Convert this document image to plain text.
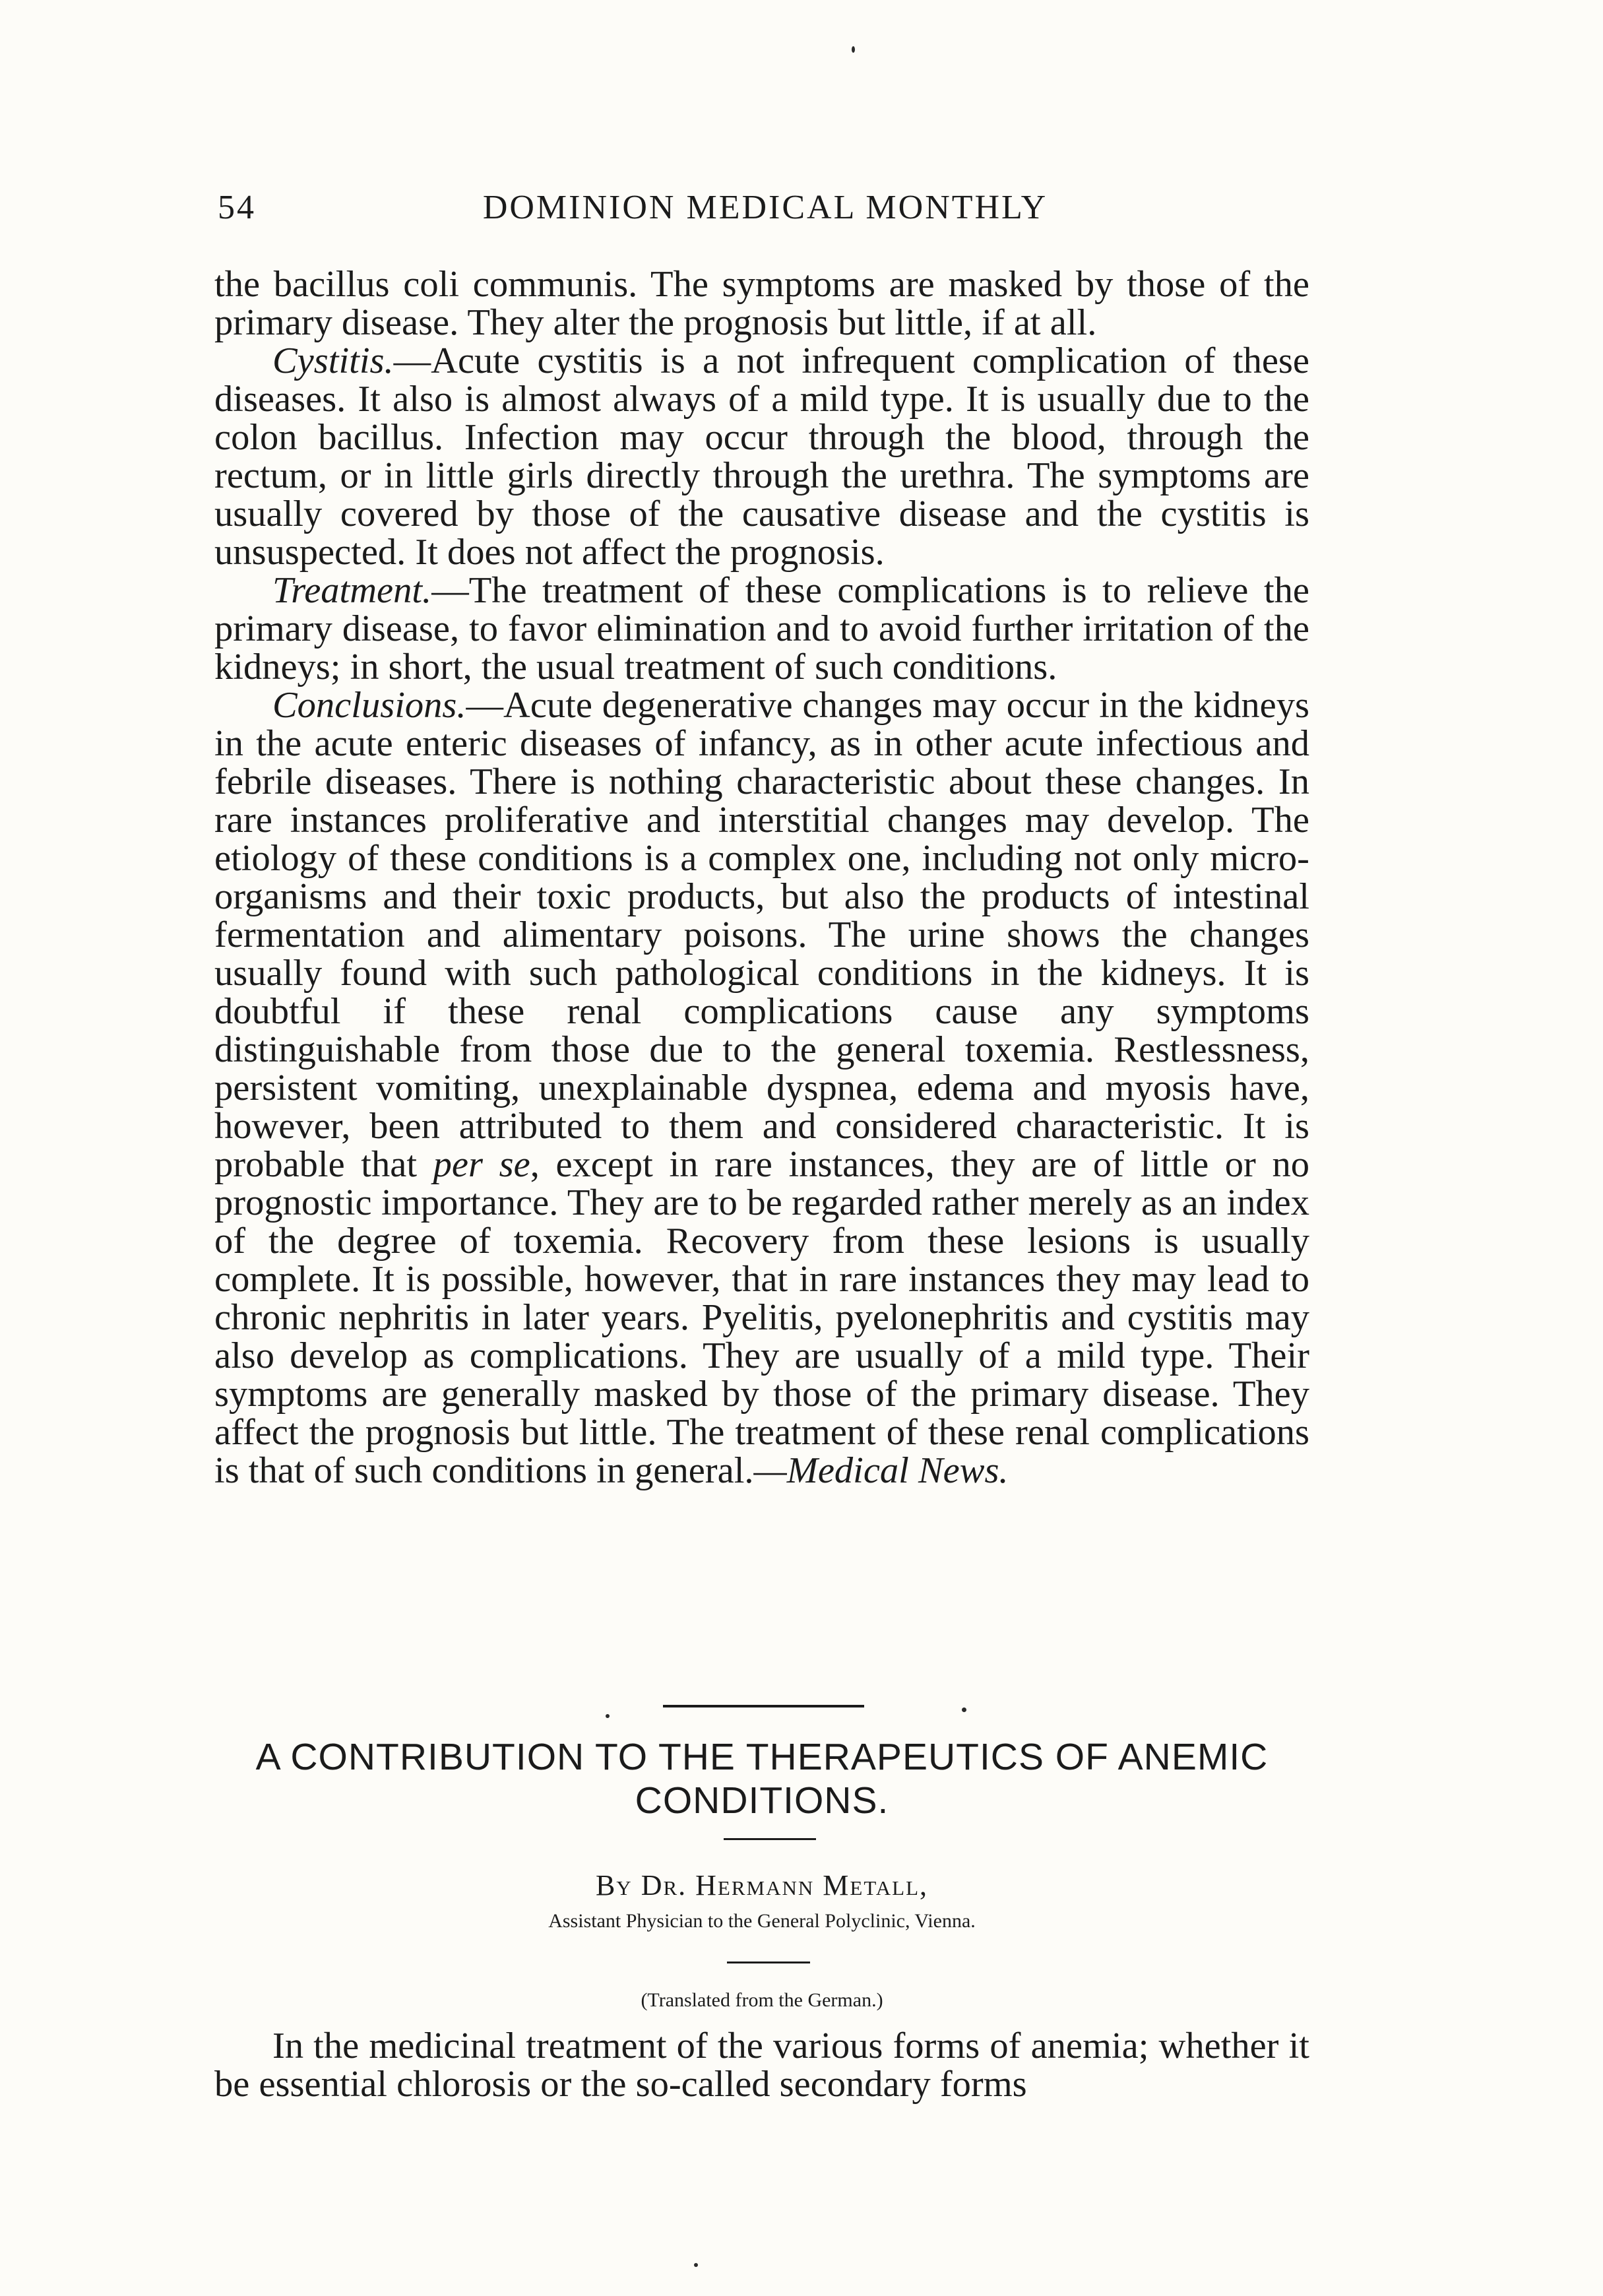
54	DOMINION MEDICAL MONTHLY

the bacillus coli communis. The symptoms are masked by those of the primary disease. They alter the prognosis but little, if at all.

Cystitis.—Acute cystitis is a not infrequent complication of these diseases. It also is almost always of a mild type. It is usually due to the colon bacillus. Infection may occur through the blood, through the rectum, or in little girls directly through the urethra. The symptoms are usually covered by those of the causative disease and the cystitis is unsuspected. It does not affect the prognosis.

Treatment.—The treatment of these complications is to relieve the primary disease, to favor elimination and to avoid further irritation of the kidneys; in short, the usual treatment of such conditions.

Conclusions.—Acute degenerative changes may occur in the kidneys in the acute enteric diseases of infancy, as in other acute infectious and febrile diseases. There is nothing characteristic about these changes. In rare instances proliferative and interstitial changes may develop. The etiology of these conditions is a complex one, including not only micro-organisms and their toxic products, but also the products of intestinal fermentation and alimentary poisons. The urine shows the changes usually found with such pathological conditions in the kidneys. It is doubtful if these renal complications cause any symptoms distinguishable from those due to the general toxemia. Restlessness, persistent vomiting, unexplainable dyspnea, edema and myosis have, however, been attributed to them and considered characteristic. It is probable that per se, except in rare instances, they are of little or no prognostic importance. They are to be regarded rather merely as an index of the degree of toxemia. Recovery from these lesions is usually complete. It is possible, however, that in rare instances they may lead to chronic nephritis in later years. Pyelitis, pyelonephritis and cystitis may also develop as complications. They are usually of a mild type. Their symptoms are generally masked by those of the primary disease. They affect the prognosis but little. The treatment of these renal complications is that of such conditions in general.—Medical News.

A CONTRIBUTION TO THE THERAPEUTICS OF ANEMIC CONDITIONS.
By Dr. Hermann Metall,
Assistant Physician to the General Polyclinic, Vienna.
(Translated from the German.)

In the medicinal treatment of the various forms of anemia; whether it be essential chlorosis or the so-called secondary forms
